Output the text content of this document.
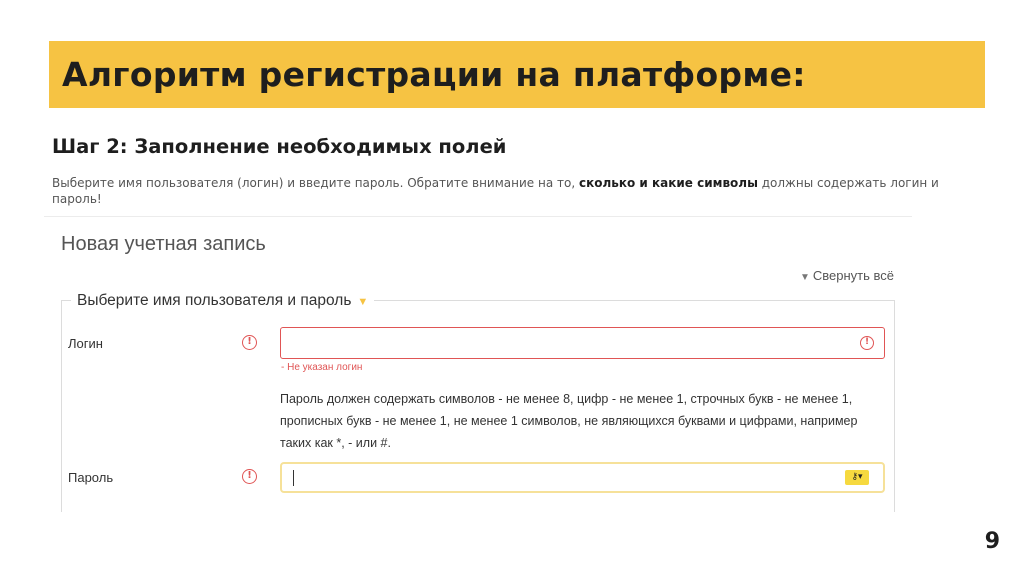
Алгоритм регистрации на платформе:
Шаг 2: Заполнение необходимых полей
Выберите имя пользователя (логин) и введите пароль. Обратите внимание на то, сколько и какие символы должны содержать логин и пароль!
Новая учетная запись
▼ Свернуть всё
Выберите имя пользователя и пароль ▼
Логин	!	!
- Не указан логин
Пароль должен содержать символов - не менее 8, цифр - не менее 1, строчных букв - не менее 1, прописных букв - не менее 1, не менее 1 символов, не являющихся буквами и цифрами, например таких как *, - или #.
Пароль	!	⚷▾
9
